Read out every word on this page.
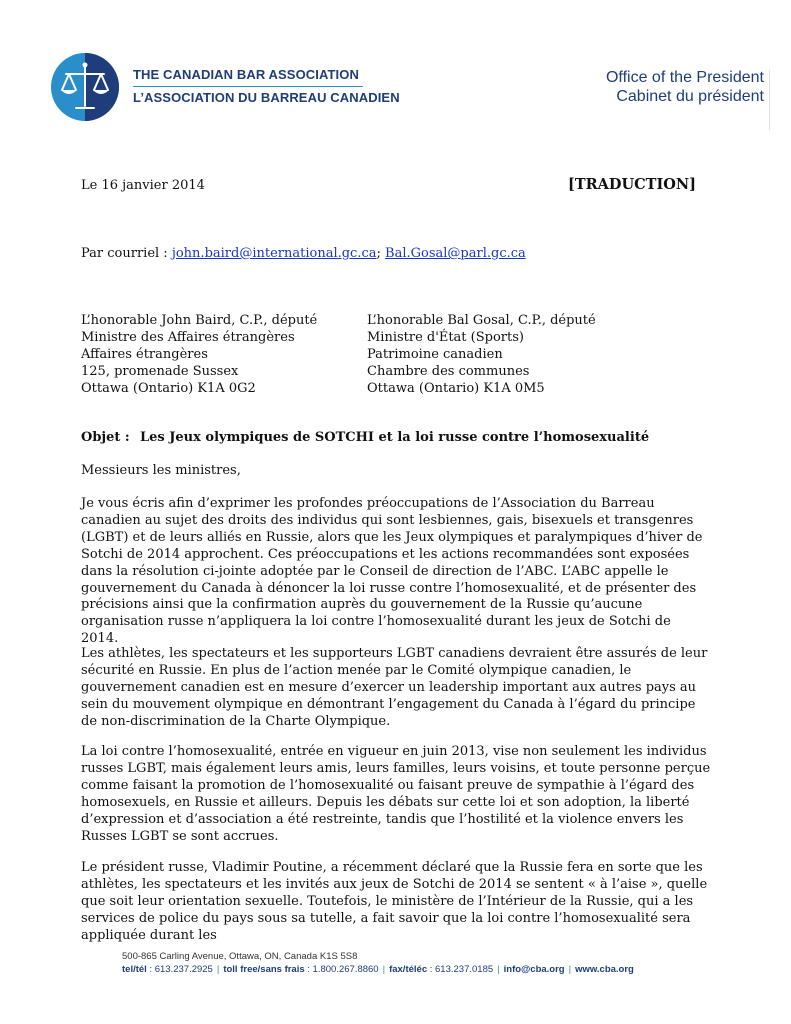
THE CANADIAN BAR ASSOCIATION
L’ASSOCIATION DU BARREAU CANADIEN
Office of the President
Cabinet du président
Le 16 janvier 2014	[TRADUCTION]
Par courriel : john.baird@international.gc.ca; Bal.Gosal@parl.gc.ca
L’honorable John Baird, C.P., député
Ministre des Affaires étrangères
Affaires étrangères
125, promenade Sussex
Ottawa (Ontario) K1A 0G2
L’honorable Bal Gosal, C.P., député
Ministre d'État (Sports)
Patrimoine canadien
Chambre des communes
Ottawa (Ontario) K1A 0M5
Objet : Les Jeux olympiques de SOTCHI et la loi russe contre l’homosexualité
Messieurs les ministres,

Je vous écris afin d’exprimer les profondes préoccupations de l’Association du Barreau canadien au sujet des droits des individus qui sont lesbiennes, gais, bisexuels et transgenres (LGBT) et de leurs alliés en Russie, alors que les Jeux olympiques et paralympiques d’hiver de Sotchi de 2014 approchent. Ces préoccupations et les actions recommandées sont exposées dans la résolution ci-jointe adoptée par le Conseil de direction de l’ABC. L’ABC appelle le gouvernement du Canada à dénoncer la loi russe contre l’homosexualité, et de présenter des précisions ainsi que la confirmation auprès du gouvernement de la Russie qu’aucune organisation russe n’appliquera la loi contre l’homosexualité durant les jeux de Sotchi de 2014.

Les athlètes, les spectateurs et les supporteurs LGBT canadiens devraient être assurés de leur sécurité en Russie. En plus de l’action menée par le Comité olympique canadien, le gouvernement canadien est en mesure d’exercer un leadership important aux autres pays au sein du mouvement olympique en démontrant l’engagement du Canada à l’égard du principe de non-discrimination de la Charte Olympique.

La loi contre l’homosexualité, entrée en vigueur en juin 2013, vise non seulement les individus russes LGBT, mais également leurs amis, leurs familles, leurs voisins, et toute personne perçue comme faisant la promotion de l’homosexualité ou faisant preuve de sympathie à l’égard des homosexuels, en Russie et ailleurs. Depuis les débats sur cette loi et son adoption, la liberté d’expression et d’association a été restreinte, tandis que l’hostilité et la violence envers les Russes LGBT se sont accrues.

Le président russe, Vladimir Poutine, a récemment déclaré que la Russie fera en sorte que les athlètes, les spectateurs et les invités aux jeux de Sotchi de 2014 se sentent « à l’aise », quelle que soit leur orientation sexuelle. Toutefois, le ministère de l’Intérieur de la Russie, qui a les services de police du pays sous sa tutelle, a fait savoir que la loi contre l’homosexualité sera appliquée durant les

500-865 Carling Avenue, Ottawa, ON, Canada K1S 5S8
tel/tél : 613.237.2925 | toll free/sans frais : 1.800.267.8860 | fax/téléc : 613.237.0185 | info@cba.org | www.cba.org
